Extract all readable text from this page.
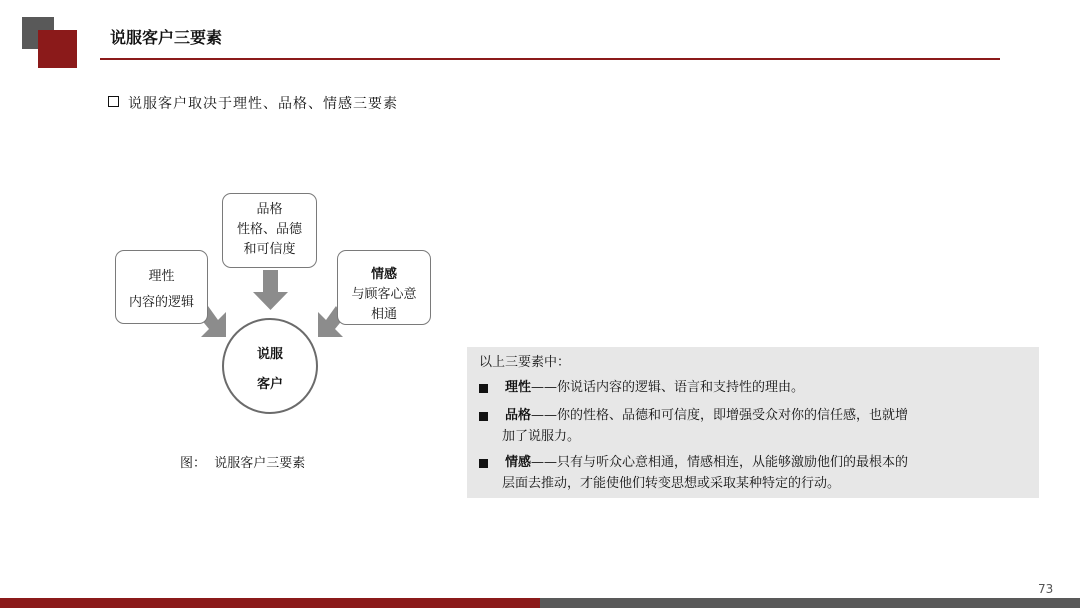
说服客户三要素
说服客户取决于理性、品格、情感三要素
理性
内容的逻辑
品格
性格、品德
和可信度
情感
与顾客心意
相通
说服
客户
图：  说服客户三要素
以上三要素中：
理性——你说话内容的逻辑、语言和支持性的理由。
品格——你的性格、品德和可信度，即增强受众对你的信任感，也就增
加了说服力。
情感——只有与听众心意相通，情感相连，从能够激励他们的最根本的
层面去推动，才能使他们转变思想或采取某种特定的行动。
73
